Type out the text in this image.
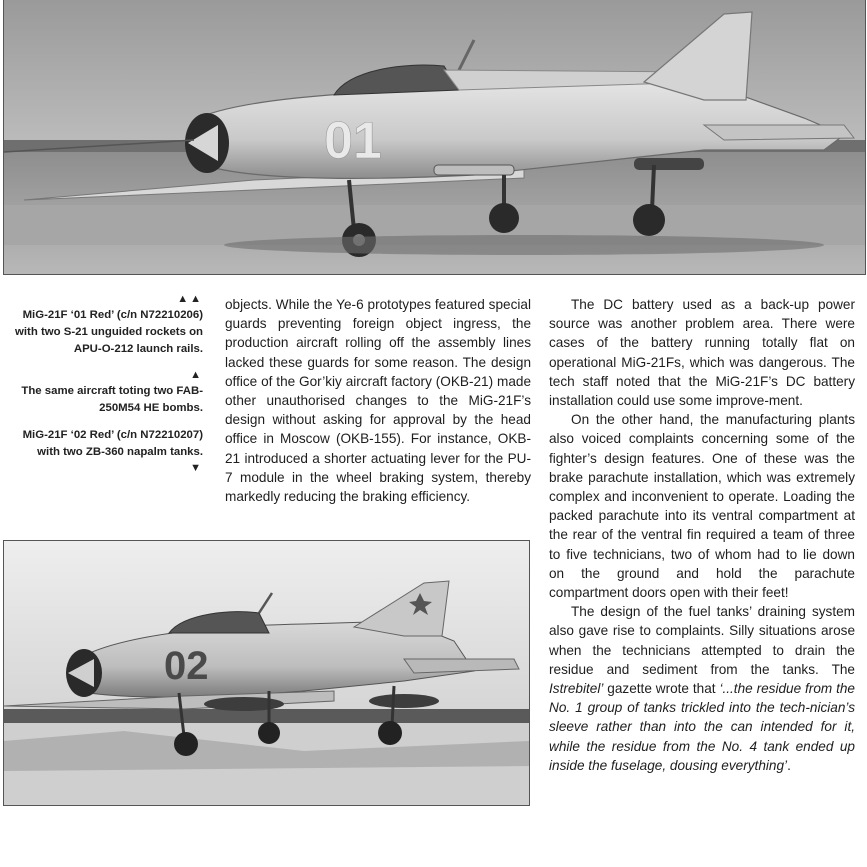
01
▲▲

MiG-21F ‘01 Red’ (c/n N72210206) with two S-21 unguided rockets on APU-O-212 launch rails.

▲

The same aircraft toting two FAB-250M54 HE bombs.

MiG-21F ‘02 Red’ (c/n N72210207) with two ZB-360 napalm tanks.

▼

objects. While the Ye-6 prototypes featured special guards preventing foreign object ingress, the production aircraft rolling off the assembly lines lacked these guards for some reason. The design office of the Gor’kiy aircraft factory (OKB-21) made other unauthorised changes to the MiG-21F’s design without asking for approval by the head office in Moscow (OKB-155). For instance, OKB-21 introduced a shorter actuating lever for the PU-7 module in the wheel braking system, thereby markedly reducing the braking efficiency.

The DC battery used as a back-up power source was another problem area. There were cases of the battery running totally flat on operational MiG-21Fs, which was dangerous. The tech staff noted that the MiG-21F’s DC battery installation could use some improve-ment.

On the other hand, the manufacturing plants also voiced complaints concerning some of the fighter’s design features. One of these was the brake parachute installation, which was extremely complex and inconvenient to operate. Loading the packed parachute into its ventral compartment at the rear of the ventral fin required a team of three to five technicians, two of whom had to lie down on the ground and hold the parachute compartment doors open with their feet!

The design of the fuel tanks’ draining system also gave rise to complaints. Silly situations arose when the technicians attempted to drain the residue and sediment from the tanks. The Istrebitel’ gazette wrote that ‘...the residue from the No. 1 group of tanks trickled into the tech-nician’s sleeve rather than into the can intended for it, while the residue from the No. 4 tank ended up inside the fuselage, dousing everything’.

02
